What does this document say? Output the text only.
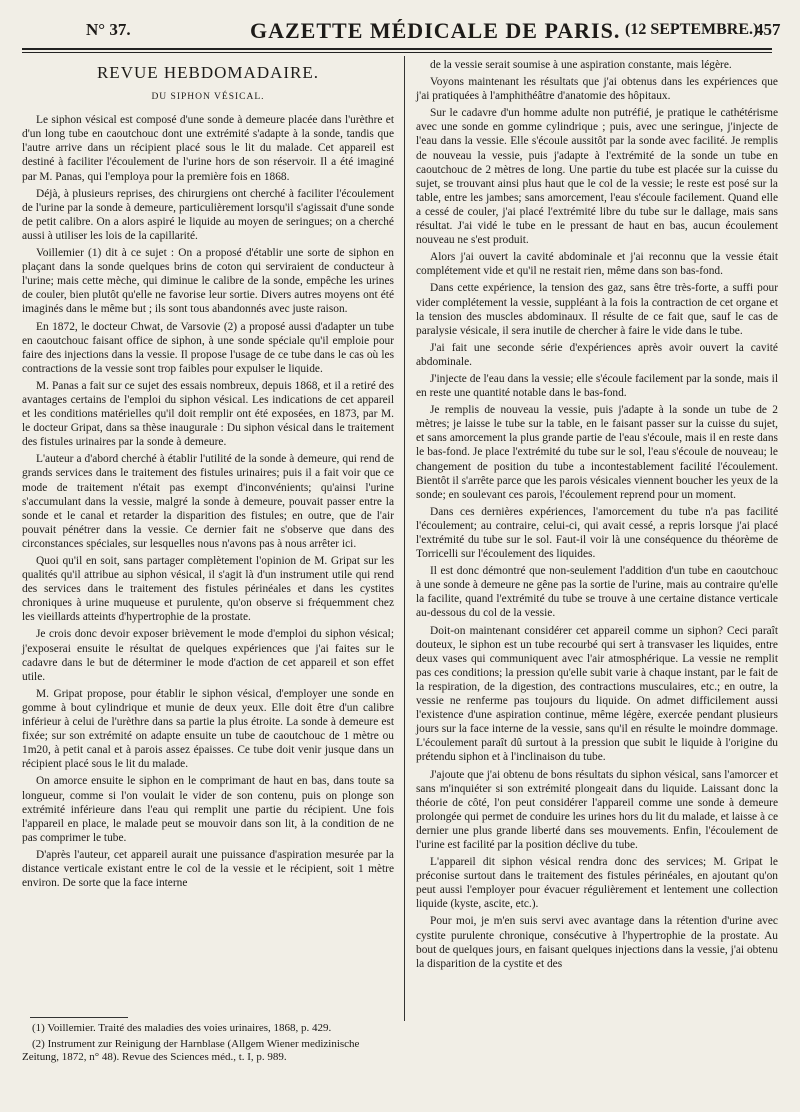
N° 37.	GAZETTE MÉDICALE DE PARIS. (12 SEPTEMBRE.)
457
REVUE HEBDOMADAIRE.
DU SIPHON VÉSICAL.

Le siphon vésical est composé d'une sonde à demeure placée dans l'urèthre et d'un long tube en caoutchouc dont une extrémité s'adapte à la sonde, tandis que l'autre arrive dans un récipient placé sous le lit du malade. Cet appareil est destiné à faciliter l'écoulement de l'urine hors de son réservoir. Il a été imaginé par M. Panas, qui l'employa pour la première fois en 1868.

Déjà, à plusieurs reprises, des chirurgiens ont cherché à faciliter l'écoulement de l'urine par la sonde à demeure, particulièrement lorsqu'il s'agissait d'une sonde de petit calibre. On a alors aspiré le liquide au moyen de seringues; on a cherché aussi à utiliser les lois de la capillarité.

Voillemier (1) dit à ce sujet : On a proposé d'établir une sorte de siphon en plaçant dans la sonde quelques brins de coton qui serviraient de conducteur à l'urine; mais cette mèche, qui diminue le calibre de la sonde, empêche les urines de couler, bien plutôt qu'elle ne favorise leur sortie. Divers autres moyens ont été imaginés dans le même but ; ils sont tous abandonnés avec juste raison.

En 1872, le docteur Chwat, de Varsovie (2) a proposé aussi d'adapter un tube en caoutchouc faisant office de siphon, à une sonde spéciale qu'il emploie pour faire des injections dans la vessie. Il propose l'usage de ce tube dans le cas où les contractions de la vessie sont trop faibles pour expulser le liquide.

M. Panas a fait sur ce sujet des essais nombreux, depuis 1868, et il a retiré des avantages certains de l'emploi du siphon vésical. Les indications de cet appareil et les conditions matérielles qu'il doit remplir ont été exposées, en 1873, par M. le docteur Gripat, dans sa thèse inaugurale : Du siphon vésical dans le traitement des fistules urinaires par la sonde à demeure.

L'auteur a d'abord cherché à établir l'utilité de la sonde à demeure, qui rend de grands services dans le traitement des fistules urinaires; puis il a fait voir que ce mode de traitement n'était pas exempt d'inconvénients; qu'ainsi l'urine s'accumulant dans la vessie, malgré la sonde à demeure, pouvait passer entre la sonde et le canal et retarder la disparition des fistules; en outre, que de l'air pouvait pénétrer dans la vessie. Ce dernier fait ne s'observe que dans des circonstances spéciales, sur lesquelles nous n'avons pas à nous arrêter ici.

Quoi qu'il en soit, sans partager complètement l'opinion de M. Gripat sur les qualités qu'il attribue au siphon vésical, il s'agit là d'un instrument utile qui rend des services dans le traitement des fistules périnéales et dans les cystites chroniques à urine muqueuse et purulente, qu'on observe si fréquemment chez les vieillards atteints d'hypertrophie de la prostate.

Je crois donc devoir exposer brièvement le mode d'emploi du siphon vésical; j'exposerai ensuite le résultat de quelques expériences que j'ai faites sur le cadavre dans le but de déterminer le mode d'action de cet appareil et son effet utile.

M. Gripat propose, pour établir le siphon vésical, d'employer une sonde en gomme à bout cylindrique et munie de deux yeux. Elle doit être d'un calibre inférieur à celui de l'urèthre dans sa partie la plus étroite. La sonde à demeure est fixée; sur son extrémité on adapte ensuite un tube de caoutchouc de 1 mètre ou 1m20, à petit canal et à parois assez épaisses. Ce tube doit venir jusque dans un récipient placé sous le lit du malade.

On amorce ensuite le siphon en le comprimant de haut en bas, dans toute sa longueur, comme si l'on voulait le vider de son contenu, puis on plonge son extrémité inférieure dans l'eau qui remplit une partie du récipient. Une fois l'appareil en place, le malade peut se mouvoir dans son lit, à la condition de ne pas comprimer le tube.

D'après l'auteur, cet appareil aurait une puissance d'aspiration mesurée par la distance verticale existant entre le col de la vessie et le récipient, soit 1 mètre environ. De sorte que la face interne

de la vessie serait soumise à une aspiration constante, mais légère.

Voyons maintenant les résultats que j'ai obtenus dans les expériences que j'ai pratiquées à l'amphithéâtre d'anatomie des hôpitaux.

Sur le cadavre d'un homme adulte non putréfié, je pratique le cathétérisme avec une sonde en gomme cylindrique ; puis, avec une seringue, j'injecte de l'eau dans la vessie. Elle s'écoule aussitôt par la sonde avec facilité. Je remplis de nouveau la vessie, puis j'adapte à l'extrémité de la sonde un tube en caoutchouc de 2 mètres de long. Une partie du tube est placée sur la cuisse du sujet, se trouvant ainsi plus haut que le col de la vessie; le reste est posé sur la table, entre les jambes; sans amorcement, l'eau s'écoule facilement. Quand elle a cessé de couler, j'ai placé l'extrémité libre du tube sur le dallage, mais sans résultat. J'ai vidé le tube en le pressant de haut en bas, aucun écoulement nouveau ne s'est produit.

Alors j'ai ouvert la cavité abdominale et j'ai reconnu que la vessie était complétement vide et qu'il ne restait rien, même dans son bas-fond.

Dans cette expérience, la tension des gaz, sans être très-forte, a suffi pour vider complétement la vessie, suppléant à la fois la contraction de cet organe et la tension des muscles abdominaux. Il résulte de ce fait que, sauf le cas de paralysie vésicale, il sera inutile de chercher à faire le vide dans le tube.

J'ai fait une seconde série d'expériences après avoir ouvert la cavité abdominale.

J'injecte de l'eau dans la vessie; elle s'écoule facilement par la sonde, mais il en reste une quantité notable dans le bas-fond.

Je remplis de nouveau la vessie, puis j'adapte à la sonde un tube de 2 mètres; je laisse le tube sur la table, en le faisant passer sur la cuisse du sujet, et sans amorcement la plus grande partie de l'eau s'écoule, mais il en reste dans le bas-fond. Je place l'extrémité du tube sur le sol, l'eau s'écoule de nouveau; le changement de position du tube a incontestablement facilité l'écoulement. Bientôt il s'arrête parce que les parois vésicales viennent boucher les yeux de la sonde; en soulevant ces parois, l'écoulement reprend pour un moment.

Dans ces dernières expériences, l'amorcement du tube n'a pas facilité l'écoulement; au contraire, celui-ci, qui avait cessé, a repris lorsque j'ai placé l'extrémité du tube sur le sol. Faut-il voir là une conséquence du théorème de Torricelli sur l'écoulement des liquides.

Il est donc démontré que non-seulement l'addition d'un tube en caoutchouc à une sonde à demeure ne gêne pas la sortie de l'urine, mais au contraire qu'elle la facilite, quand l'extrémité du tube se trouve à une certaine distance verticale au-dessous du col de la vessie.

Doit-on maintenant considérer cet appareil comme un siphon? Ceci paraît douteux, le siphon est un tube recourbé qui sert à transvaser les liquides, entre deux vases qui communiquent avec l'air atmosphérique. La vessie ne remplit pas ces conditions; la pression qu'elle subit varie à chaque instant, par le fait de la respiration, de la digestion, des contractions musculaires, etc.; en outre, la vessie ne renferme pas toujours du liquide. On admet difficilement aussi l'existence d'une aspiration continue, même légère, exercée pendant plusieurs jours sur la face interne de la vessie, sans qu'il en résulte le moindre dommage. L'écoulement paraît dû surtout à la pression que subit le liquide à l'origine du prétendu siphon et à l'inclinaison du tube.

J'ajoute que j'ai obtenu de bons résultats du siphon vésical, sans l'amorcer et sans m'inquiéter si son extrémité plongeait dans du liquide. Laissant donc la théorie de côté, l'on peut considérer l'appareil comme une sonde à demeure prolongée qui permet de conduire les urines hors du lit du malade, et laisse à ce dernier une plus grande liberté dans ses mouvements. Enfin, l'écoulement de l'urine est facilité par la position déclive du tube.

L'appareil dit siphon vésical rendra donc des services; M. Gripat le préconise surtout dans le traitement des fistules périnéales, en ajoutant qu'on peut aussi l'employer pour évacuer régulièrement et lentement une collection liquide (kyste, ascite, etc.).

Pour moi, je m'en suis servi avec avantage dans la rétention d'urine avec cystite purulente chronique, consécutive à l'hypertrophie de la prostate. Au bout de quelques jours, en faisant quelques injections dans la vessie, j'ai obtenu la disparition de la cystite et des

(1) Voillemier. Traité des maladies des voies urinaires, 1868, p. 429.

(2) Instrument zur Reinigung der Harnblase (Allgem Wiener medizinische Zeitung, 1872, n° 48). Revue des Sciences méd., t. I, p. 989.
